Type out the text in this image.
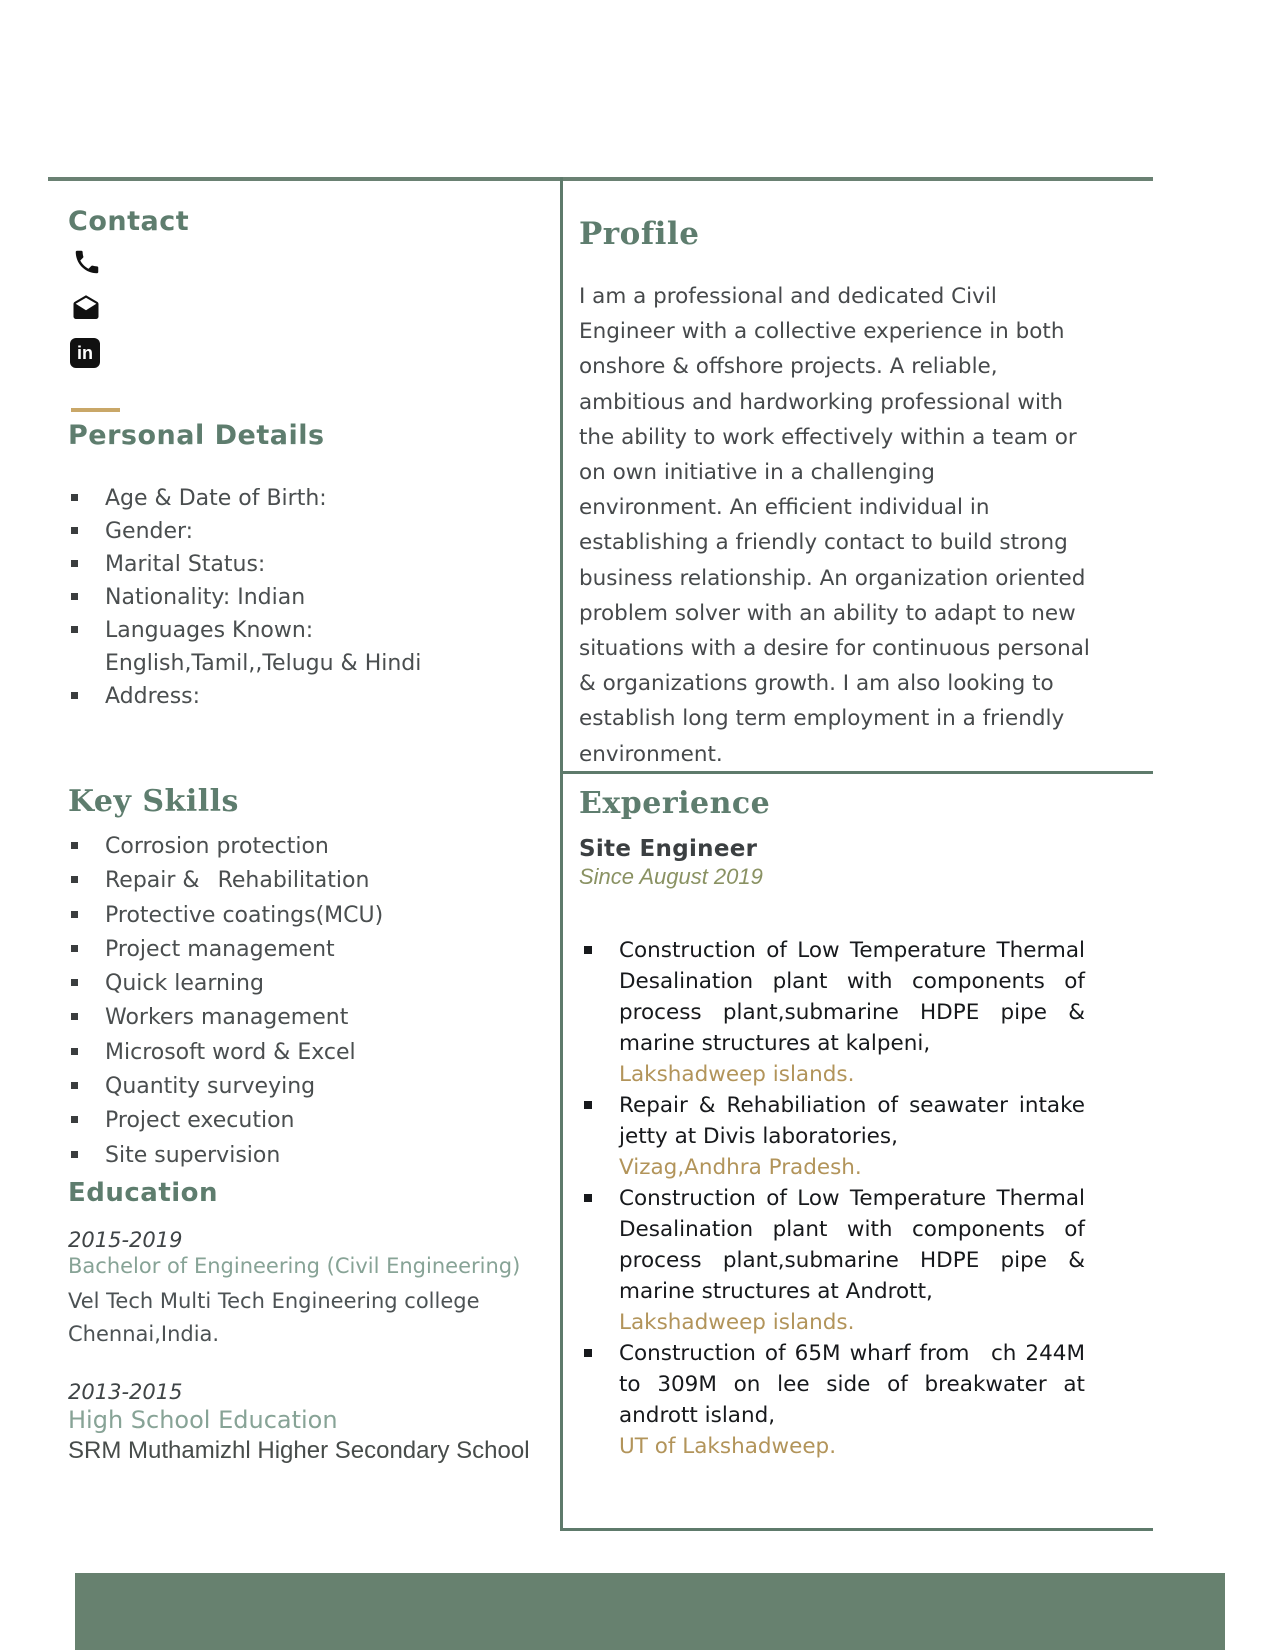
Contact
in
Personal Details
Age & Date of Birth:
Gender:
Marital Status:
Nationality: Indian
Languages Known:
English,Tamil,,Telugu & Hindi
Address:
Key Skills
Corrosion protection
Repair &  Rehabilitation
Protective coatings(MCU)
Project management
Quick learning
Workers management
Microsoft word & Excel
Quantity surveying
Project execution
Site supervision
Education
2015-2019
Bachelor of Engineering (Civil Engineering)
Vel Tech Multi Tech Engineering college
Chennai,India.
2013-2015
High School Education
SRM Muthamizhl Higher Secondary School
Profile
I am a professional and dedicated Civil
Engineer with a collective experience in both
onshore & offshore projects. A reliable,
ambitious and hardworking professional with
the ability to work effectively within a team or
on own initiative in a challenging
environment. An efficient individual in
establishing a friendly contact to build strong
business relationship. An organization oriented
problem solver with an ability to adapt to new
situations with a desire for continuous personal
& organizations growth. I am also looking to
establish long term employment in a friendly
environment.
Experience
Site Engineer
Since August 2019
Construction of Low Temperature Thermal
Desalination plant with components of
process plant,submarine HDPE pipe &
marine structures at kalpeni,
Lakshadweep islands.
Repair & Rehabiliation of seawater intake
jetty at Divis laboratories,
Vizag,Andhra Pradesh.
Construction of Low Temperature Thermal
Desalination plant with components of
process plant,submarine HDPE pipe &
marine structures at Andrott,
Lakshadweep islands.
Construction of 65M wharf from  ch 244M
to 309M on lee side of breakwater at
andrott island,
UT of Lakshadweep.
